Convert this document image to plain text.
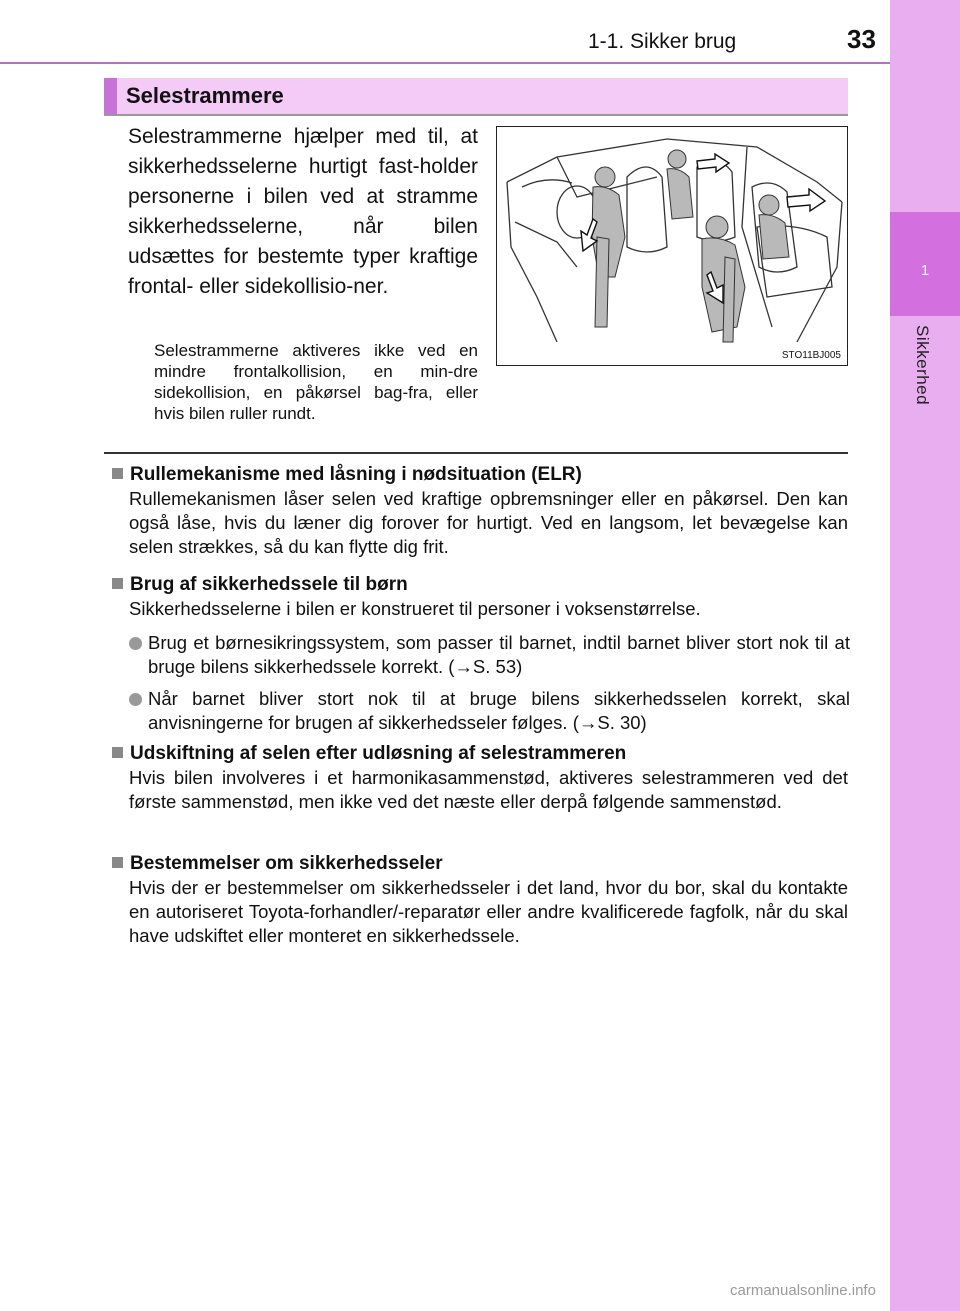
1
Sikkerhed
1-1. Sikker brug	33
Selestrammere
Selestrammerne hjælper med til, at sikkerhedsselerne hurtigt fast-holder personerne i bilen ved at stramme sikkerhedsselerne, når bilen udsættes for bestemte typer kraftige frontal- eller sidekollisio-ner.
Selestrammerne aktiveres ikke ved en mindre frontalkollision, en min-dre sidekollision, en påkørsel bag-fra, eller hvis bilen ruller rundt.
STO11BJ005
Rullemekanisme med låsning i nødsituation (ELR)
Rullemekanismen låser selen ved kraftige opbremsninger eller en påkørsel. Den kan også låse, hvis du læner dig forover for hurtigt. Ved en langsom, let bevægelse kan selen strækkes, så du kan flytte dig frit.
Brug af sikkerhedssele til børn
Sikkerhedsselerne i bilen er konstrueret til personer i voksenstørrelse.
Brug et børnesikringssystem, som passer til barnet, indtil barnet bliver stort nok til at bruge bilens sikkerhedssele korrekt. (→S. 53)
Når barnet bliver stort nok til at bruge bilens sikkerhedsselen korrekt, skal anvisningerne for brugen af sikkerhedsseler følges. (→S. 30)
Udskiftning af selen efter udløsning af selestrammeren
Hvis bilen involveres i et harmonikasammenstød, aktiveres selestrammeren ved det første sammenstød, men ikke ved det næste eller derpå følgende sammenstød.
Bestemmelser om sikkerhedsseler
Hvis der er bestemmelser om sikkerhedsseler i det land, hvor du bor, skal du kontakte en autoriseret Toyota-forhandler/-reparatør eller andre kvalificerede fagfolk, når du skal have udskiftet eller monteret en sikkerhedssele.
carmanualsonline.info
